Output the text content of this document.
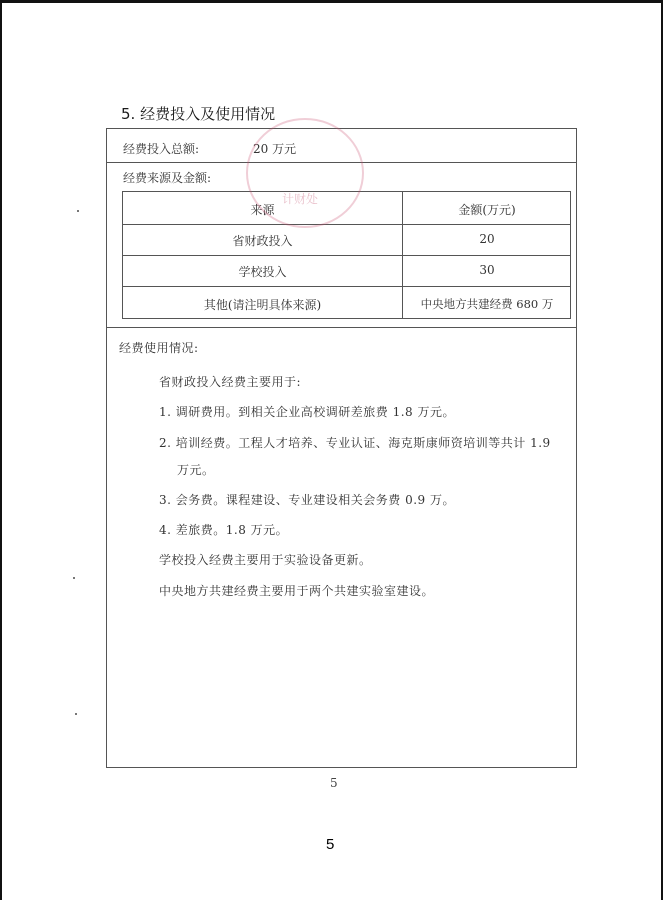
5. 经费投入及使用情况
经费投入总额:	20 万元
经费来源及金额:
来源	金额(万元)
省财政投入	20
学校投入	30
其他(请注明具体来源)	中央地方共建经费 680 万
经费使用情况:
省财政投入经费主要用于:
1. 调研费用。到相关企业高校调研差旅费 1.8 万元。
2. 培训经费。工程人才培养、专业认证、海克斯康师资培训等共计 1.9
万元。
3. 会务费。课程建设、专业建设相关会务费 0.9 万。
4. 差旅费。1.8 万元。
学校投入经费主要用于实验设备更新。
中央地方共建经费主要用于两个共建实验室建设。
计财处
5
5
